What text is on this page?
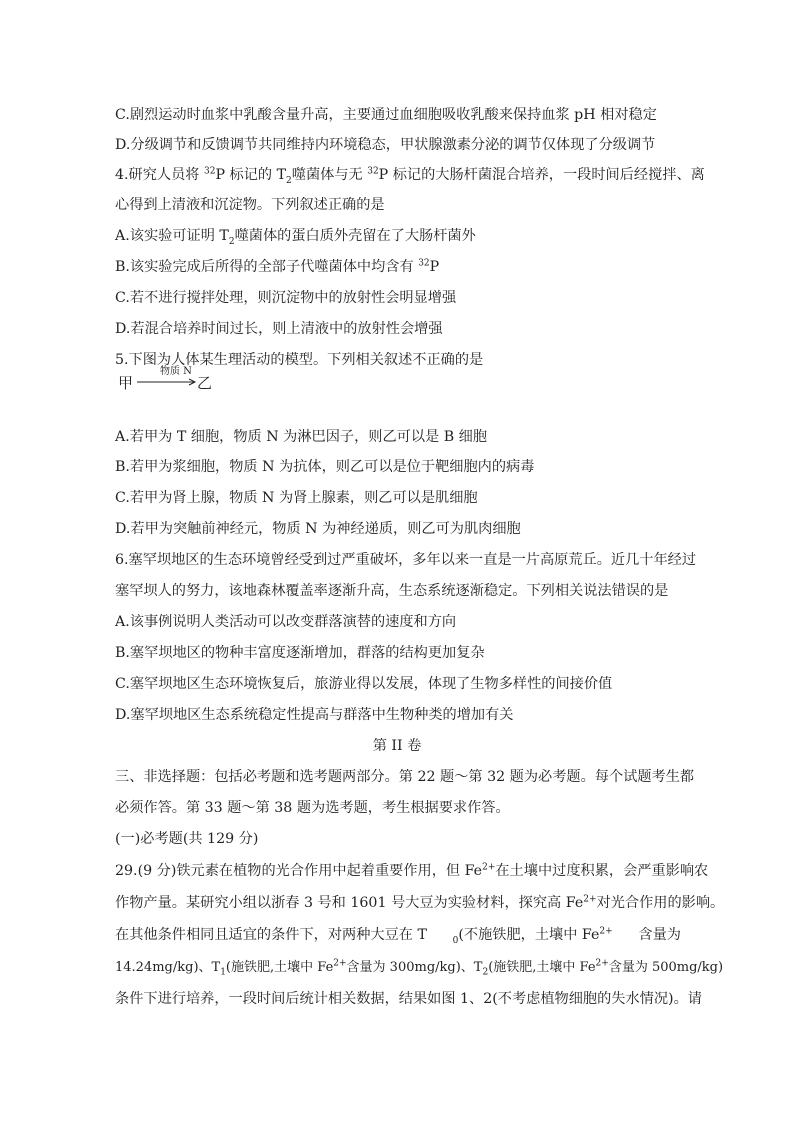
C.剧烈运动时血浆中乳酸含量升高，主要通过血细胞吸收乳酸来保持血浆 pH 相对稳定
D.分级调节和反馈调节共同维持内环境稳态，甲状腺激素分泌的调节仅体现了分级调节
4.研究人员将 $^{32}$P 标记的 $T_2$噬菌体与无 $^{32}$P 标记的大肠杆菌混合培养，一段时间后经搅拌、离
心得到上清液和沉淀物。下列叙述正确的是
A.该实验可证明 $T_2$噬菌体的蛋白质外壳留在了大肠杆菌外
B.该实验完成后所得的全部子代噬菌体中均含有 $^{32}$P
C.若不进行搅拌处理，则沉淀物中的放射性会明显增强
D.若混合培养时间过长，则上清液中的放射性会增强
5.下图为人体某生理活动的模型。下列相关叙述不正确的是
甲
物质 N
乙
A.若甲为 T 细胞，物质 N 为淋巴因子，则乙可以是 B 细胞
B.若甲为浆细胞，物质 N 为抗体，则乙可以是位于靶细胞内的病毒
C.若甲为肾上腺，物质 N 为肾上腺素，则乙可以是肌细胞
D.若甲为突触前神经元，物质 N 为神经递质，则乙可为肌肉细胞
6.塞罕坝地区的生态环境曾经受到过严重破坏，多年以来一直是一片高原荒丘。近几十年经过
塞罕坝人的努力，该地森林覆盖率逐渐升高，生态系统逐渐稳定。下列相关说法错误的是
A.该事例说明人类活动可以改变群落演替的速度和方向
B.塞罕坝地区的物种丰富度逐渐增加，群落的结构更加复杂
C.塞罕坝地区生态环境恢复后，旅游业得以发展，体现了生物多样性的间接价值
D.塞罕坝地区生态系统稳定性提高与群落中生物种类的增加有关
第 II 卷
三、非选择题：包括必考题和选考题两部分。第 22 题～第 32 题为必考题。每个试题考生都
必须作答。第 33 题～第 38 题为选考题，考生根据要求作答。
(一)必考题(共 129 分)
29.(9 分)铁元素在植物的光合作用中起着重要作用，但 $Fe^{2+}$在土壤中过度积累，会严重影响农
作物产量。某研究小组以浙春 3 号和 1601 号大豆为实验材料，探究高 $Fe^{2+}$对光合作用的影响。
在其他条件相同且适宜的条件下，对两种大豆在 T	$_0$(不施铁肥，土壤中 $Fe^{2+}$ 含量为
14.24mg/kg)、$T_1$(施铁肥,土壤中 $Fe^{2+}$含量为 300mg/kg)、$T_2$(施铁肥,土壤中 $Fe^{2+}$含量为 500mg/kg)
条件下进行培养，一段时间后统计相关数据，结果如图 1、2(不考虑植物细胞的失水情况)。请
